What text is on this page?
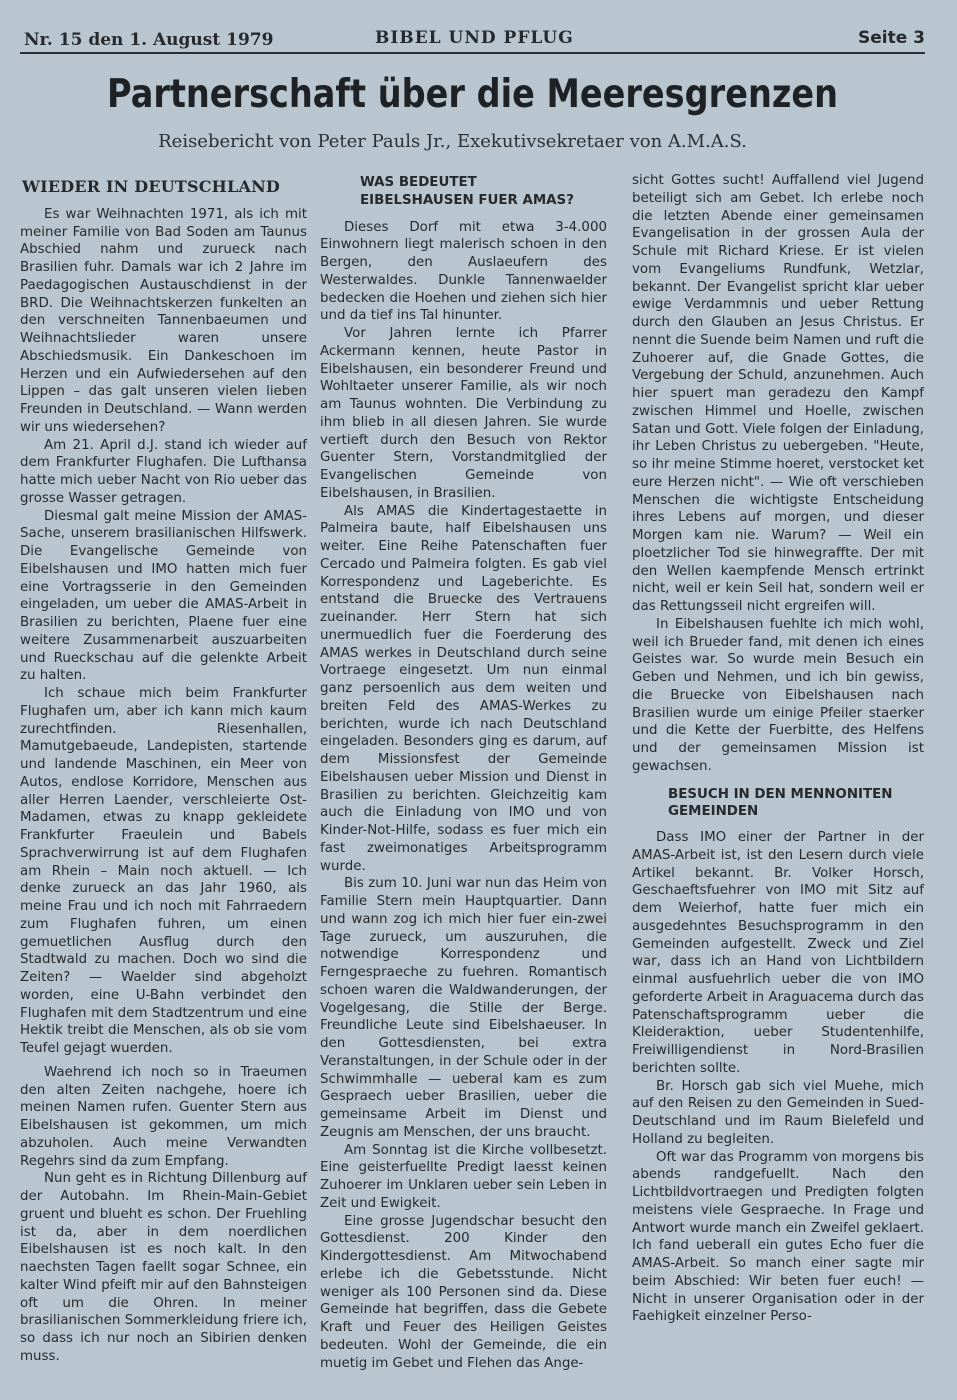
Nr. 15 den 1. August 1979	BIBEL UND PFLUG	Seite 3
Partnerschaft über die Meeresgrenzen
Reisebericht von Peter Pauls Jr., Exekutivsekretaer von A.M.A.S.
WIEDER IN DEUTSCHLAND

Es war Weihnachten 1971, als ich mit meiner Familie von Bad Soden am Taunus Abschied nahm und zurueck nach Brasilien fuhr. Damals war ich 2 Jahre im Paedagogischen Austauschdienst in der BRD. Die Weihnachtskerzen funkelten an den verschneiten Tannenbaeumen und Weihnachtslieder waren unsere Abschiedsmusik. Ein Dankeschoen im Herzen und ein Aufwiedersehen auf den Lippen – das galt unseren vielen lieben Freunden in Deutschland. — Wann werden wir uns wiedersehen?

Am 21. April d.J. stand ich wieder auf dem Frankfurter Flughafen. Die Lufthansa hatte mich ueber Nacht von Rio ueber das grosse Wasser getragen.

Diesmal galt meine Mission der AMAS-Sache, unserem brasilianischen Hilfswerk. Die Evangelische Gemeinde von Eibelshausen und IMO hatten mich fuer eine Vortragsserie in den Gemeinden eingeladen, um ueber die AMAS-Arbeit in Brasilien zu berichten, Plaene fuer eine weitere Zusammenarbeit auszuarbeiten und Rueckschau auf die gelenkte Arbeit zu halten.

Ich schaue mich beim Frankfurter Flughafen um, aber ich kann mich kaum zurechtfinden. Riesenhallen, Mamutgebaeude, Landepisten, startende und landende Maschinen, ein Meer von Autos, endlose Korridore, Menschen aus aller Herren Laender, verschleierte Ost-Madamen, etwas zu knapp gekleidete Frankfurter Fraeulein und Babels Sprachverwirrung ist auf dem Flughafen am Rhein – Main noch aktuell. — Ich denke zurueck an das Jahr 1960, als meine Frau und ich noch mit Fahrraedern zum Flughafen fuhren, um einen gemuetlichen Ausflug durch den Stadtwald zu machen. Doch wo sind die Zeiten? — Waelder sind abgeholzt worden, eine U-Bahn verbindet den Flughafen mit dem Stadtzentrum und eine Hektik treibt die Menschen, als ob sie vom Teufel gejagt wuerden.

Waehrend ich noch so in Traeumen den alten Zeiten nachgehe, hoere ich meinen Namen rufen. Guenter Stern aus Eibelshausen ist gekommen, um mich abzuholen. Auch meine Verwandten Regehrs sind da zum Empfang.

Nun geht es in Richtung Dillenburg auf der Autobahn. Im Rhein-Main-Gebiet gruent und blueht es schon. Der Fruehling ist da, aber in dem noerdlichen Eibelshausen ist es noch kalt. In den naechsten Tagen faellt sogar Schnee, ein kalter Wind pfeift mir auf den Bahnsteigen oft um die Ohren. In meiner brasilianischen Sommerkleidung friere ich, so dass ich nur noch an Sibirien denken muss.

WAS BEDEUTET EIBELSHAUSEN FUER AMAS?

Dieses Dorf mit etwa 3-4.000 Einwohnern liegt malerisch schoen in den Bergen, den Auslaeufern des Westerwaldes. Dunkle Tannenwaelder bedecken die Hoehen und ziehen sich hier und da tief ins Tal hinunter.

Vor Jahren lernte ich Pfarrer Ackermann kennen, heute Pastor in Eibelshausen, ein besonderer Freund und Wohltaeter unserer Familie, als wir noch am Taunus wohnten. Die Verbindung zu ihm blieb in all diesen Jahren. Sie wurde vertieft durch den Besuch von Rektor Guenter Stern, Vorstandmitglied der Evangelischen Gemeinde von Eibelshausen, in Brasilien.

Als AMAS die Kindertagestaette in Palmeira baute, half Eibelshausen uns weiter. Eine Reihe Patenschaften fuer Cercado und Palmeira folgten. Es gab viel Korrespondenz und Lageberichte. Es entstand die Bruecke des Vertrauens zueinander. Herr Stern hat sich unermuedlich fuer die Foerderung des AMAS werkes in Deutschland durch seine Vortraege eingesetzt. Um nun einmal ganz persoenlich aus dem weiten und breiten Feld des AMAS-Werkes zu berichten, wurde ich nach Deutschland eingeladen. Besonders ging es darum, auf dem Missionsfest der Gemeinde Eibelshausen ueber Mission und Dienst in Brasilien zu berichten. Gleichzeitig kam auch die Einladung von IMO und von Kinder-Not-Hilfe, sodass es fuer mich ein fast zweimonatiges Arbeitsprogramm wurde.

Bis zum 10. Juni war nun das Heim von Familie Stern mein Hauptquartier. Dann und wann zog ich mich hier fuer ein-zwei Tage zurueck, um auszuruhen, die notwendige Korrespondenz und Ferngespraeche zu fuehren. Romantisch schoen waren die Waldwanderungen, der Vogelgesang, die Stille der Berge. Freundliche Leute sind Eibelshaeuser. In den Gottesdiensten, bei extra Veranstaltungen, in der Schule oder in der Schwimmhalle — ueberal kam es zum Gespraech ueber Brasilien, ueber die gemeinsame Arbeit im Dienst und Zeugnis am Menschen, der uns braucht.

Am Sonntag ist die Kirche vollbesetzt. Eine geisterfuellte Predigt laesst keinen Zuhoerer im Unklaren ueber sein Leben in Zeit und Ewigkeit.

Eine grosse Jugendschar besucht den Gottesdienst. 200 Kinder den Kindergottesdienst. Am Mitwochabend erlebe ich die Gebetsstunde. Nicht weniger als 100 Personen sind da. Diese Gemeinde hat begriffen, dass die Gebete Kraft und Feuer des Heiligen Geistes bedeuten. Wohl der Gemeinde, die ein muetig im Gebet und Flehen das Ange-

sicht Gottes sucht! Auffallend viel Jugend beteiligt sich am Gebet. Ich erlebe noch die letzten Abende einer gemeinsamen Evangelisation in der grossen Aula der Schule mit Richard Kriese. Er ist vielen vom Evangeliums Rundfunk, Wetzlar, bekannt. Der Evangelist spricht klar ueber ewige Verdammnis und ueber Rettung durch den Glauben an Jesus Christus. Er nennt die Suende beim Namen und ruft die Zuhoerer auf, die Gnade Gottes, die Vergebung der Schuld, anzunehmen. Auch hier spuert man geradezu den Kampf zwischen Himmel und Hoelle, zwischen Satan und Gott. Viele folgen der Einladung, ihr Leben Christus zu uebergeben. "Heute, so ihr meine Stimme hoeret, verstocket ket eure Herzen nicht". — Wie oft verschieben Menschen die wichtigste Entscheidung ihres Lebens auf morgen, und dieser Morgen kam nie. Warum? — Weil ein ploetzlicher Tod sie hinwegraffte. Der mit den Wellen kaempfende Mensch ertrinkt nicht, weil er kein Seil hat, sondern weil er das Rettungsseil nicht ergreifen will.

In Eibelshausen fuehlte ich mich wohl, weil ich Brueder fand, mit denen ich eines Geistes war. So wurde mein Besuch ein Geben und Nehmen, und ich bin gewiss, die Bruecke von Eibelshausen nach Brasilien wurde um einige Pfeiler staerker und die Kette der Fuerbitte, des Helfens und der gemeinsamen Mission ist gewachsen.

BESUCH IN DEN MENNONITEN GEMEINDEN

Dass IMO einer der Partner in der AMAS-Arbeit ist, ist den Lesern durch viele Artikel bekannt. Br. Volker Horsch, Geschaeftsfuehrer von IMO mit Sitz auf dem Weierhof, hatte fuer mich ein ausgedehntes Besuchsprogramm in den Gemeinden aufgestellt. Zweck und Ziel war, dass ich an Hand von Lichtbildern einmal ausfuehrlich ueber die von IMO geforderte Arbeit in Araguacema durch das Patenschaftsprogramm ueber die Kleideraktion, ueber Studentenhilfe, Freiwilligendienst in Nord-Brasilien berichten sollte.

Br. Horsch gab sich viel Muehe, mich auf den Reisen zu den Gemeinden in Sued-Deutschland und im Raum Bielefeld und Holland zu begleiten.

Oft war das Programm von morgens bis abends randgefuellt. Nach den Lichtbildvortraegen und Predigten folgten meistens viele Gespraeche. In Frage und Antwort wurde manch ein Zweifel geklaert. Ich fand ueberall ein gutes Echo fuer die AMAS-Arbeit. So manch einer sagte mir beim Abschied: Wir beten fuer euch! — Nicht in unserer Organisation oder in der Faehigkeit einzelner Perso-
